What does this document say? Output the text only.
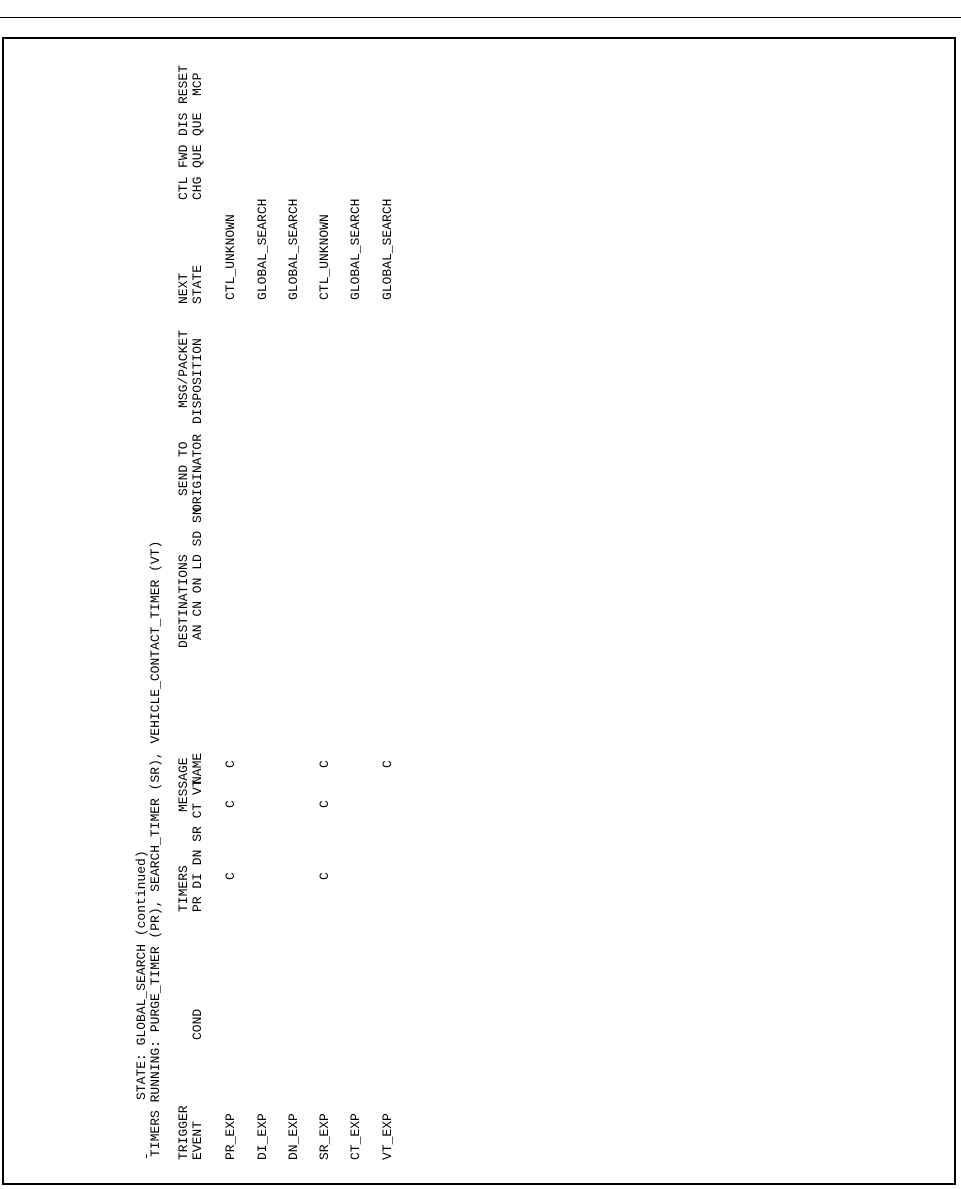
-
STATE: GLOBAL_SEARCH (continued) TIMERS RUNNING: PURGE_TIMER (PR), SEARCH_TIMER (SR), VEHICLE_CONTACT_TIMER (VT) TRIGGER EVENT
COND
TIMERS PR DI DN SR CT VT
MESSAGE NAME
DESTINATIONS AN CN ON LD SD SN
SEND TO ORIGINATOR
MSG/PACKET DISPOSITION
NEXT STATE
CTL CHG
FWD QUE
DIS QUE
RESET MCP
PR_EXP
C
C
C
CTL_UNKNOWN
DI_EXP
GLOBAL_SEARCH
DN_EXP
GLOBAL_SEARCH
SR_EXP
C
C
C
CTL_UNKNOWN
CT_EXP
GLOBAL_SEARCH
VT_EXP
C
GLOBAL_SEARCH
